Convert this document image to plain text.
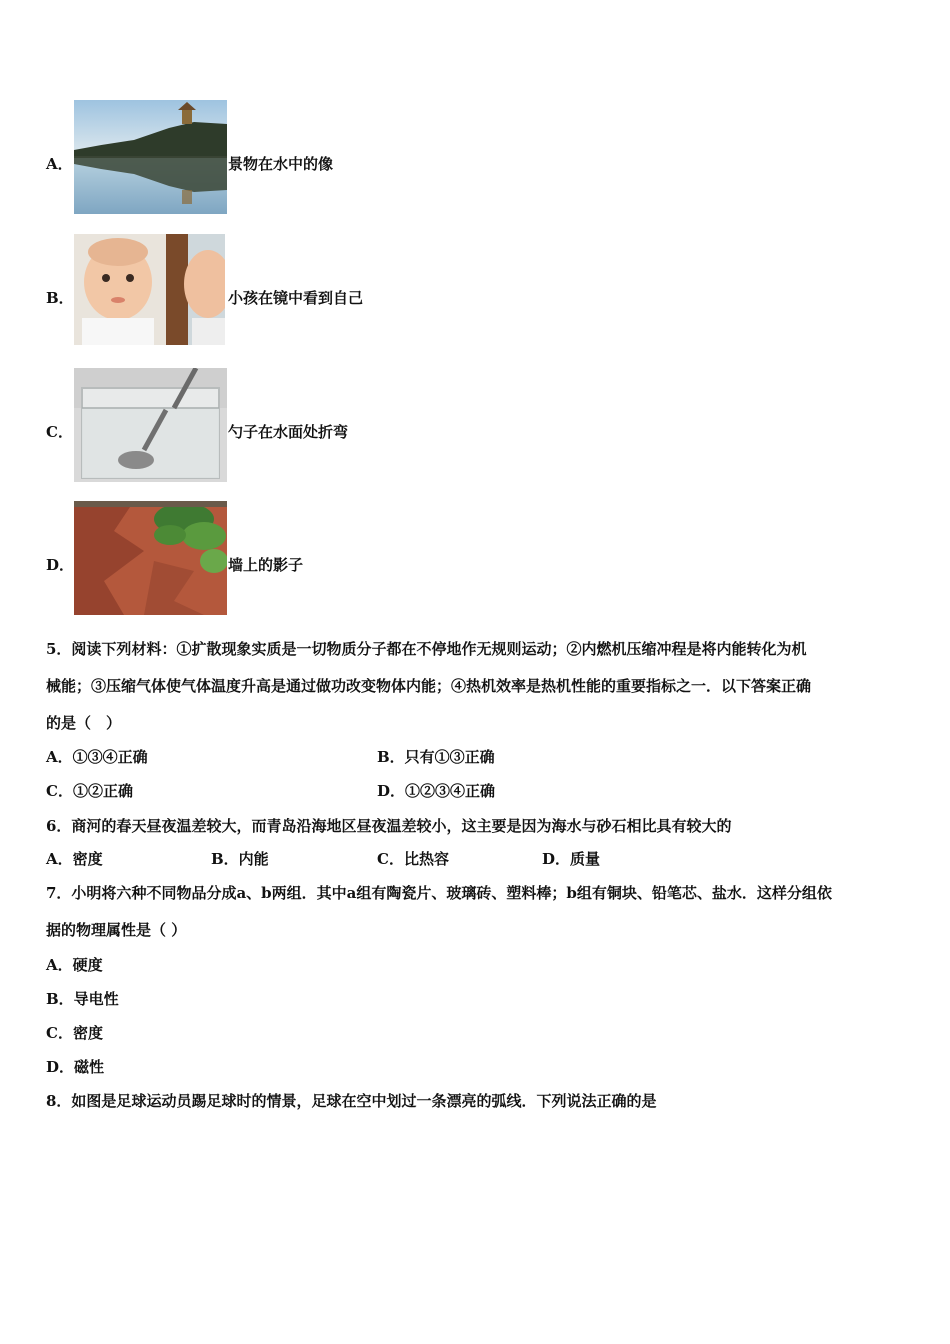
A．	景物在水中的像
B．	小孩在镜中看到自己
C．	勺子在水面处折弯
D．	墙上的影子
5．阅读下列材料：①扩散现象实质是一切物质分子都在不停地作无规则运动；②内燃机压缩冲程是将内能转化为机
械能；③压缩气体使气体温度升高是通过做功改变物体内能；④热机效率是热机性能的重要指标之一．以下答案正确
的是（　）
A．①③④正确	B．只有①③正确
C．①②正确	D．①②③④正确
6．商河的春天昼夜温差较大，而青岛沿海地区昼夜温差较小，这主要是因为海水与砂石相比具有较大的
A．密度	B．内能	C．比热容	D．质量
7．小明将六种不同物品分成a、b两组．其中a组有陶瓷片、玻璃砖、塑料棒；b组有铜块、铅笔芯、盐水．这样分组依
据的物理属性是（ ）
A．硬度
B．导电性
C．密度
D．磁性
8．如图是足球运动员踢足球时的情景，足球在空中划过一条漂亮的弧线．下列说法正确的是
